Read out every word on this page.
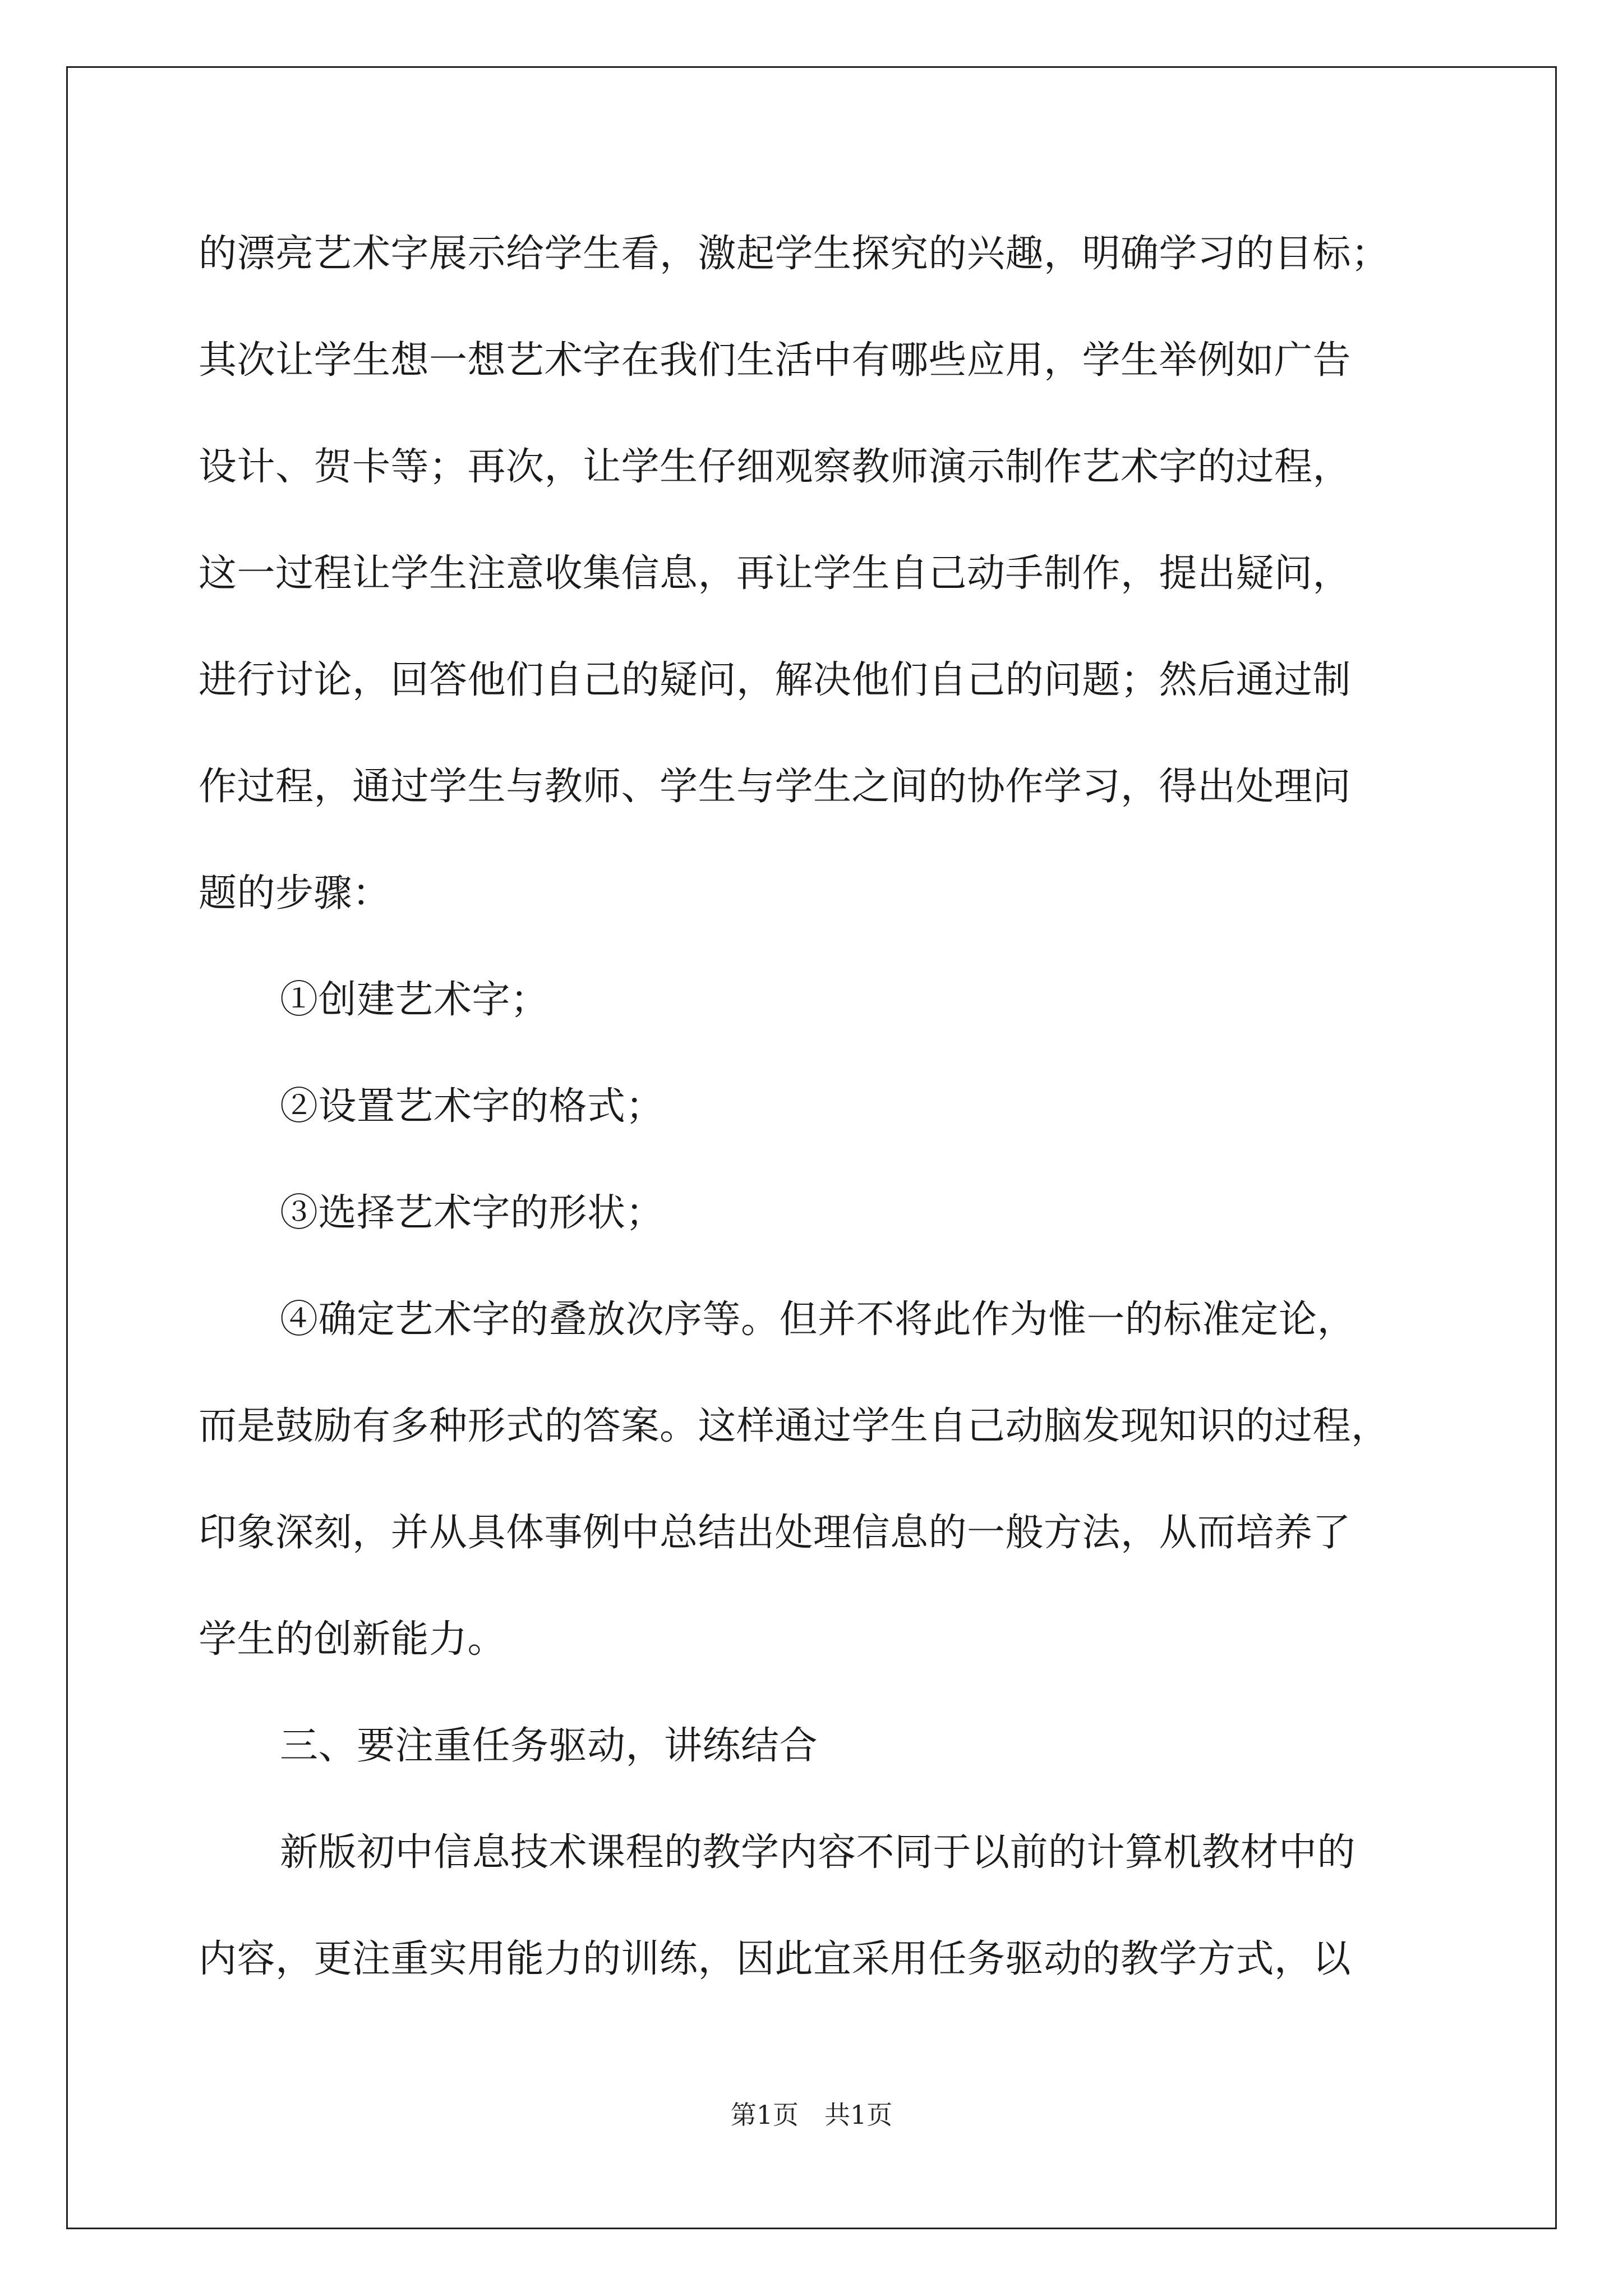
的漂亮艺术字展示给学生看，激起学生探究的兴趣，明确学习的目标；
其次让学生想一想艺术字在我们生活中有哪些应用，学生举例如广告
设计、贺卡等；再次，让学生仔细观察教师演示制作艺术字的过程，
这一过程让学生注意收集信息，再让学生自己动手制作，提出疑问，
进行讨论，回答他们自己的疑问，解决他们自己的问题；然后通过制
作过程，通过学生与教师、学生与学生之间的协作学习，得出处理问
题的步骤：
①创建艺术字；
②设置艺术字的格式；
③选择艺术字的形状；
④确定艺术字的叠放次序等。但并不将此作为惟一的标准定论，
而是鼓励有多种形式的答案。这样通过学生自己动脑发现知识的过程，
印象深刻，并从具体事例中总结出处理信息的一般方法，从而培养了
学生的创新能力。
三、要注重任务驱动，讲练结合
新版初中信息技术课程的教学内容不同于以前的计算机教材中的
内容，更注重实用能力的训练，因此宜采用任务驱动的教学方式，以
第1页　共1页
